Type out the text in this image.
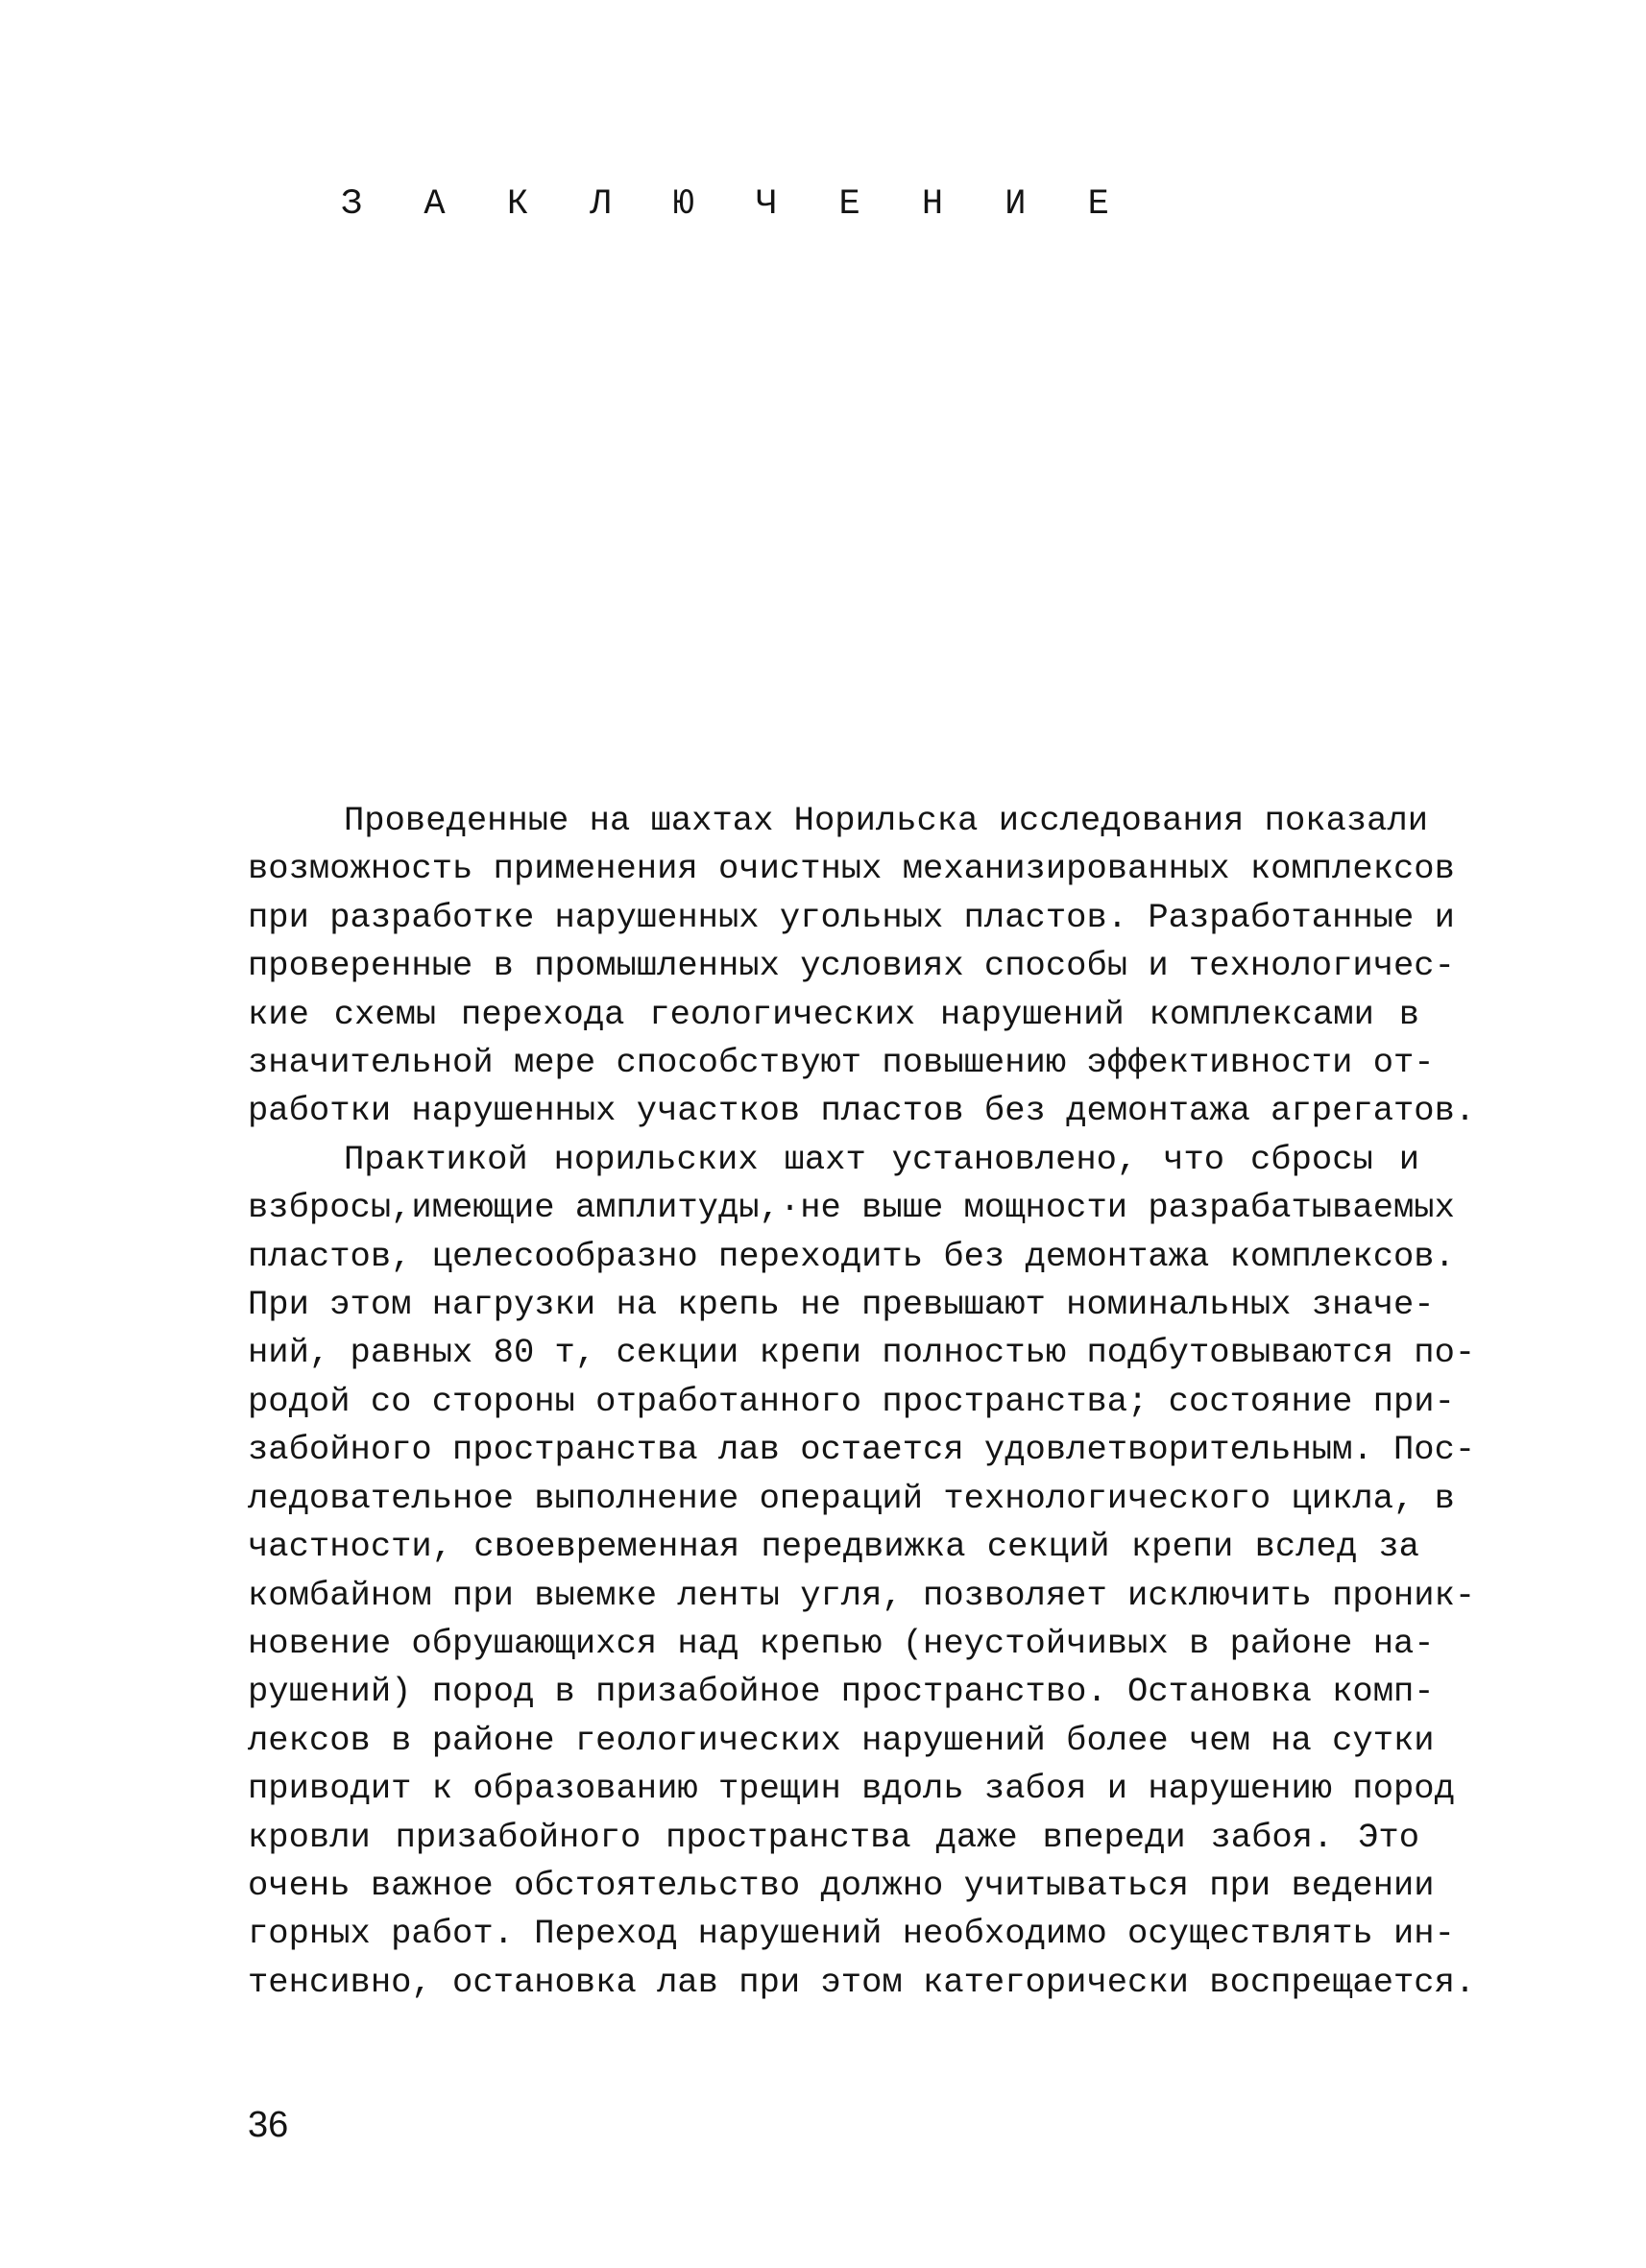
З А К Л Ю Ч Е Н И Е
Проведенные на шахтах Норильска исследования показали
возможность применения очистных механизированных комплексов
при разработке нарушенных угольных пластов. Разработанные и
проверенные в промышленных условиях способы и технологичес-
кие схемы перехода геологических нарушений комплексами в
значительной мере способствуют повышению эффективности от-
работки нарушенных участков пластов без демонтажа агрегатов.
Практикой норильских шахт установлено, что сбросы и
взбросы,имеющие амплитуды,·не выше мощности разрабатываемых
пластов, целесообразно переходить без демонтажа комплексов.
При этом нагрузки на крепь не превышают номинальных значе-
ний, равных 80 т, секции крепи полностью подбутовываются по-
родой со стороны отработанного пространства; состояние при-
забойного пространства лав остается удовлетворительным. Пос-
ледовательное выполнение операций технологического цикла, в
частности, своевременная передвижка секций крепи вслед за
комбайном при выемке ленты угля, позволяет исключить проник-
новение обрушающихся над крепью (неустойчивых в районе на-
рушений) пород в призабойное пространство. Остановка комп-
лексов в районе геологических нарушений более чем на сутки
приводит к образованию трещин вдоль забоя и нарушению пород
кровли призабойного пространства даже впереди забоя. Это
очень важное обстоятельство должно учитываться при ведении
горных работ. Переход нарушений необходимо осуществлять ин-
тенсивно, остановка лав при этом категорически воспрещается.
36
